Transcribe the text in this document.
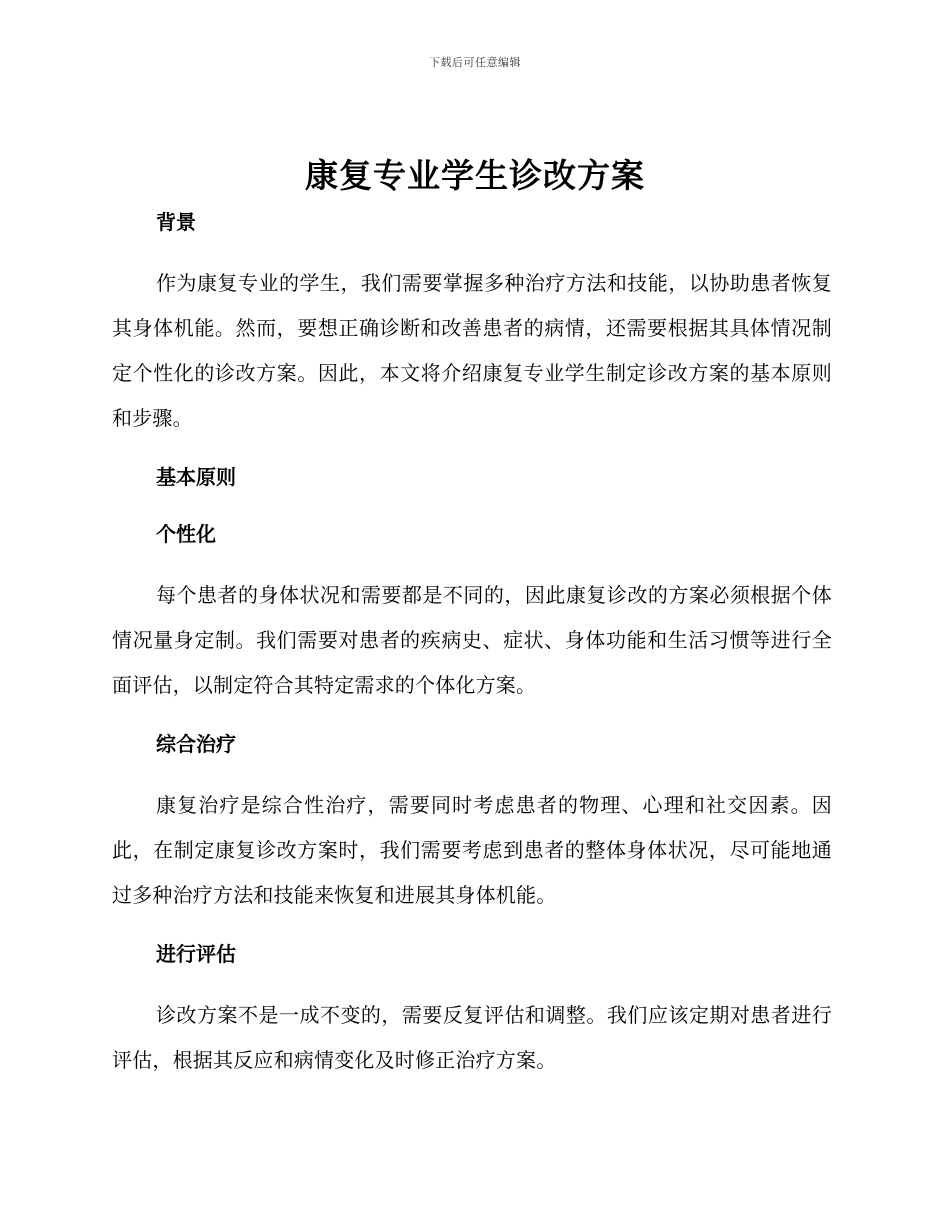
下载后可任意编辑
康复专业学生诊改方案
背景

作为康复专业的学生，我们需要掌握多种治疗方法和技能，以协助患者恢复其身体机能。然而，要想正确诊断和改善患者的病情，还需要根据其具体情况制定个性化的诊改方案。因此，本文将介绍康复专业学生制定诊改方案的基本原则和步骤。

基本原则
个性化

每个患者的身体状况和需要都是不同的，因此康复诊改的方案必须根据个体情况量身定制。我们需要对患者的疾病史、症状、身体功能和生活习惯等进行全面评估，以制定符合其特定需求的个体化方案。

综合治疗

康复治疗是综合性治疗，需要同时考虑患者的物理、心理和社交因素。因此，在制定康复诊改方案时，我们需要考虑到患者的整体身体状况，尽可能地通过多种治疗方法和技能来恢复和进展其身体机能。

进行评估

诊改方案不是一成不变的，需要反复评估和调整。我们应该定期对患者进行评估，根据其反应和病情变化及时修正治疗方案。
